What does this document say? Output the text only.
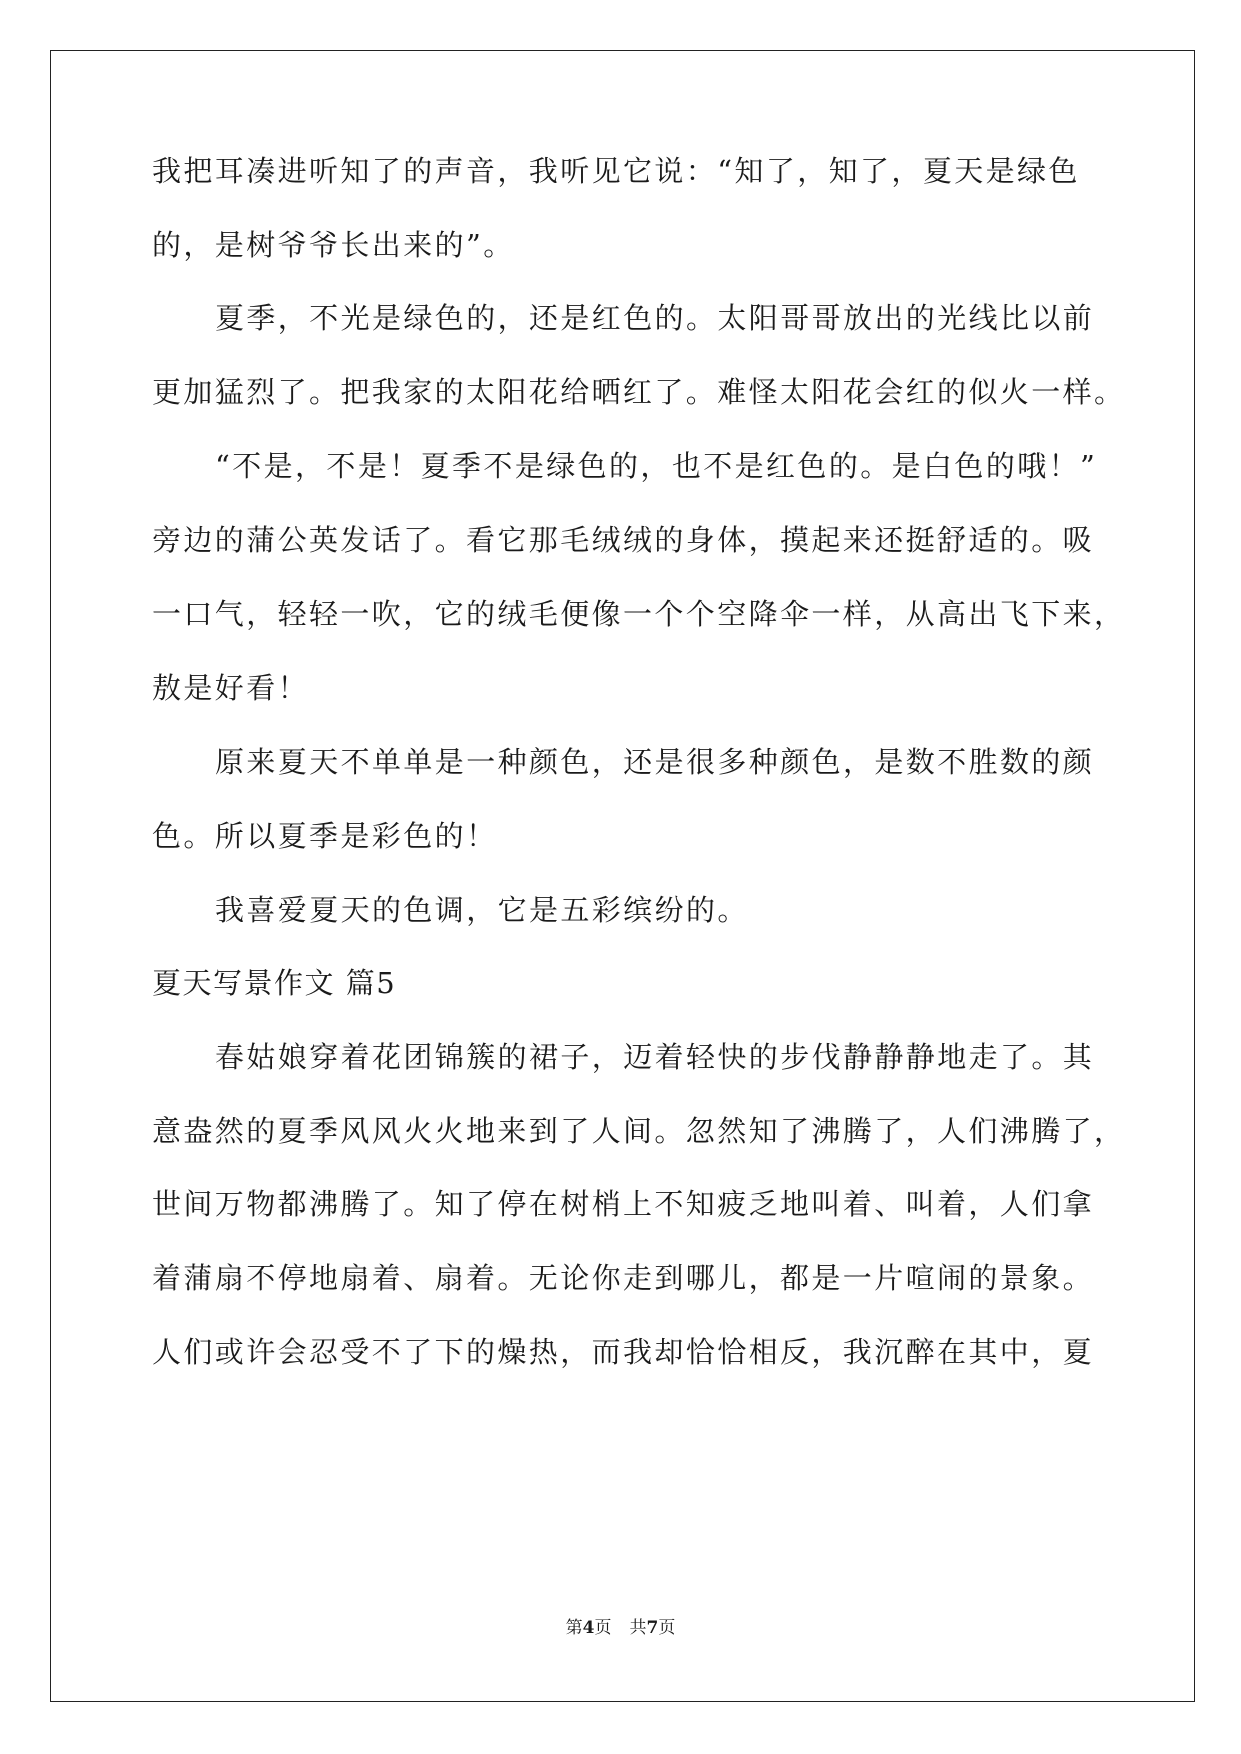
我把耳凑进听知了的声音，我听见它说：“知了，知了，夏天是绿色
的，是树爷爷长出来的”。
夏季，不光是绿色的，还是红色的。太阳哥哥放出的光线比以前
更加猛烈了。把我家的太阳花给晒红了。难怪太阳花会红的似火一样。
“不是，不是！夏季不是绿色的，也不是红色的。是白色的哦！”
旁边的蒲公英发话了。看它那毛绒绒的身体，摸起来还挺舒适的。吸
一口气，轻轻一吹，它的绒毛便像一个个空降伞一样，从高出飞下来，
敖是好看！
原来夏天不单单是一种颜色，还是很多种颜色，是数不胜数的颜
色。所以夏季是彩色的！
我喜爱夏天的色调，它是五彩缤纷的。
夏天写景作文 篇5
春姑娘穿着花团锦簇的裙子，迈着轻快的步伐静静静地走了。其
意盎然的夏季风风火火地来到了人间。忽然知了沸腾了，人们沸腾了，
世间万物都沸腾了。知了停在树梢上不知疲乏地叫着、叫着，人们拿
着蒲扇不停地扇着、扇着。无论你走到哪儿，都是一片喧闹的景象。
人们或许会忍受不了下的燥热，而我却恰恰相反，我沉醉在其中，夏
第4页 共7页
